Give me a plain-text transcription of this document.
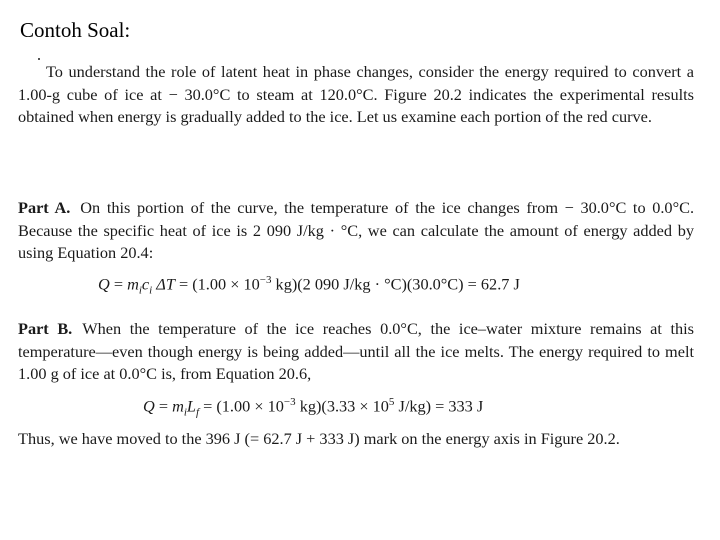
Contoh Soal:

To understand the role of latent heat in phase changes, consider the energy required to convert a 1.00-g cube of ice at − 30.0°C to steam at 120.0°C. Figure 20.2 indicates the experimental results obtained when energy is gradually added to the ice. Let us examine each portion of the red curve.

Part A. On this portion of the curve, the temperature of the ice changes from − 30.0°C to 0.0°C. Because the specific heat of ice is 2 090 J/kg · °C, we can calculate the amount of energy added by using Equation 20.4:

$Q = m_ic_i$ $\Delta T = (1.00 \times 10^{-3}$ kg)(2 090 J/kg · °C)(30.0°C) = 62.7 J

Part B. When the temperature of the ice reaches 0.0°C, the ice–water mixture remains at this temperature—even though energy is being added—until all the ice melts. The energy required to melt 1.00 g of ice at 0.0°C is, from Equation 20.6,

$Q = m_iL_f = (1.00 \times 10^{-3}$ $kg)(3.33 \times 10^5$ J/kg) = 333 J

Thus, we have moved to the 396 J (= 62.7 J + 333 J) mark on the energy axis in Figure 20.2.
